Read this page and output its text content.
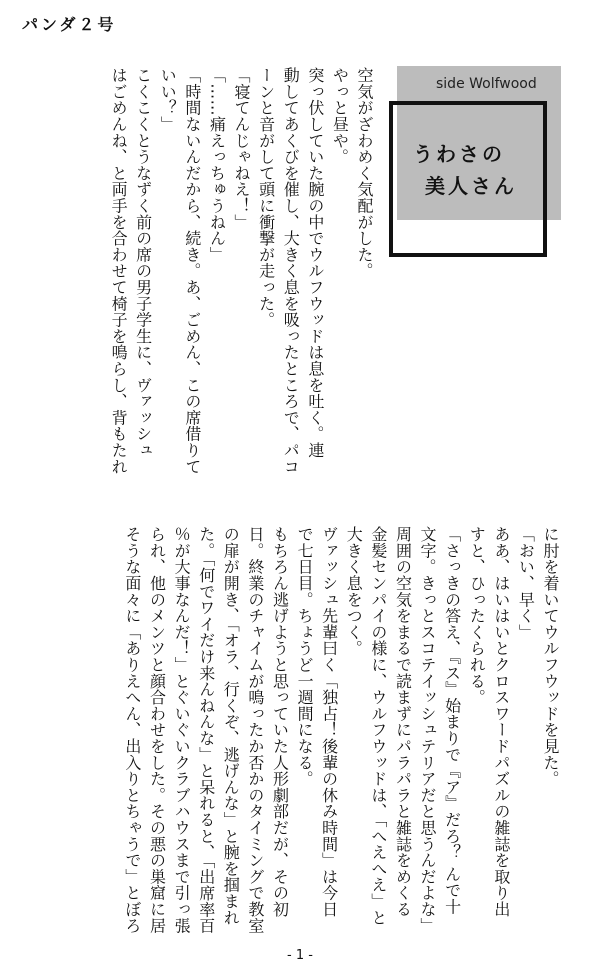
パンダ２号
side Wolfwood
うわさの
美人さん

空気がざわめく気配がした。

やっと昼や。

突っ伏していた腕の中でウルフウッドは息を吐く。連

動してあくびを催し、大きく息を吸ったところで、パコ

ーンと音がして頭に衝撃が走った。

「寝てんじゃねえ！」

「……痛えっちゅうねん」

「時間ないんだから、続き。あ、ごめん、この席借りて

いい？」

こくこくとうなずく前の席の男子学生に、ヴァッシュ

はごめんね、と両手を合わせて椅子を鳴らし、背もたれ

に肘を着いてウルフウッドを見た。

「おい、早く」

ああ、はいはいとクロスワードパズルの雑誌を取り出

すと、ひったくられる。

「さっきの答え、『ス』始まりで『ア』だろ？ んで十

文字。きっとスコテイッシュテリアだと思うんだよな」

周囲の空気をまるで読まずにパラパラと雑誌をめくる

金髪センパイの様に、ウルフウッドは、「へえへえ」と

大きく息をつく。

ヴァッシュ先輩曰く「独占！後輩の休み時間」は今日

で七日目。ちょうど一週間になる。

もちろん逃げようと思っていた人形劇部だが、その初

日。終業のチャイムが鳴ったか否かのタイミングで教室

の扉が開き、「オラ、行くぞ、逃げんな」と腕を掴まれ

た。「何でワイだけ来んねんな」と呆れると、「出席率百

％が大事なんだ！」とぐいぐいクラブハウスまで引っ張

られ、他のメンツと顔合わせをした。その悪の巣窟に居

そうな面々に「ありえへん、出入りとちゃうで」とぼろ

- 1 -
